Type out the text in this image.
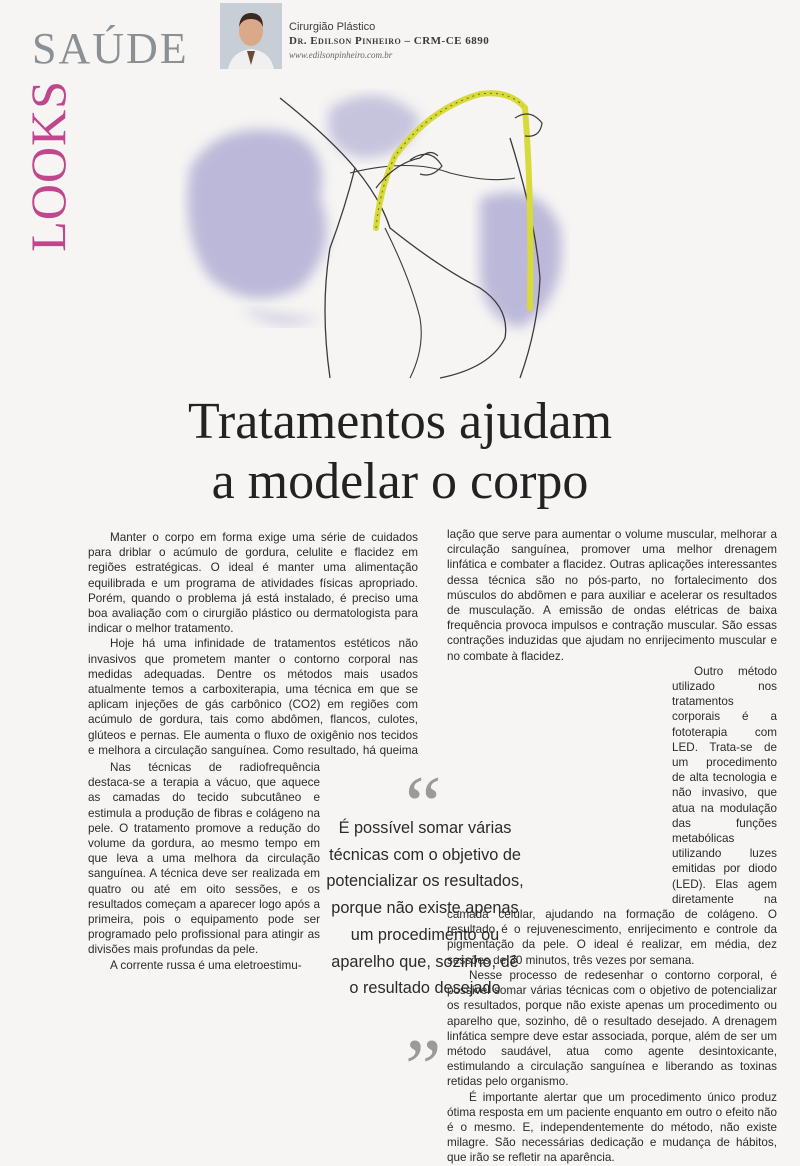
LOOKS
SAÚDE	Cirurgião Plástico
Dr. Edilson Pinheiro – CRM-CE 6890
www.edilsonpinheiro.com.br
Tratamentos ajudam
a modelar o corpo

Manter o corpo em forma exige uma série de cuidados para driblar o acúmulo de gordura, celulite e flacidez em regiões estratégicas. O ideal é manter uma alimentação equilibrada e um programa de atividades físicas apropriado. Porém, quando o problema já está instalado, é preciso uma boa avaliação com o cirurgião plástico ou dermatologista para indicar o melhor tratamento.

Hoje há uma infinidade de tratamentos estéticos não invasivos que prometem manter o contorno corporal nas medidas adequadas. Dentre os métodos mais usados atualmente temos a carboxiterapia, uma técnica em que se aplicam injeções de gás carbônico (CO2) em regiões com acúmulo de gordura, tais como abdômen, flancos, culotes, glúteos e pernas. Ele aumenta o fluxo de oxigênio nos tecidos e melhora a circulação sanguínea. Como resultado, há queima

Nas técnicas de radiofrequência destaca-se a terapia a vácuo, que aquece as camadas do tecido subcutâneo e estimula a produção de fibras e colágeno na pele. O tratamento promove a redução do volume da gordura, ao mesmo tempo em que leva a uma melhora da circulação sanguínea. A técnica deve ser realizada em quatro ou até em oito sessões, e os resultados começam a aparecer logo após a primeira, pois o equipamento pode ser programado pelo profissional para atingir as divisões mais profundas da pele.

A corrente russa é uma eletroestimu-

lação que serve para aumentar o volume muscular, melhorar a circulação sanguínea, promover uma melhor drenagem linfática e combater a flacidez. Outras aplicações interessantes dessa técnica são no pós-parto, no fortalecimento dos músculos do abdômen e para auxiliar e acelerar os resultados de musculação. A emissão de ondas elétricas de baixa frequência provoca impulsos e contração muscular. São essas contrações induzidas que ajudam no enrijecimento muscular e no combate à flacidez.

Outro método utilizado nos tratamentos corporais é a fototerapia com LED. Trata-se de um procedimento de alta tecnologia e não invasivo, que atua na modulação das funções metabólicas utilizando luzes emitidas por diodo (LED). Elas agem diretamente na camada celular, ajudando na formação de colágeno. O resultado é o rejuvenescimento, enrijecimento e controle da pigmentação da pele. O ideal é realizar, em média, dez sessões de 30 minutos, três vezes por semana.

Nesse processo de redesenhar o contorno corporal, é possível somar várias técnicas com o objetivo de potencializar os resultados, porque não existe apenas um procedimento ou aparelho que, sozinho, dê o resultado desejado. A drenagem linfática sempre deve estar associada, porque, além de ser um método saudável, atua como agente desintoxicante, estimulando a circulação sanguínea e liberando as toxinas retidas pelo organismo.

É importante alertar que um procedimento único produz ótima resposta em um paciente enquanto em outro o efeito não é o mesmo. E, independentemente do método, não existe milagre. São necessárias dedicação e mudança de hábitos, que irão se refletir na aparência.

“
É possível somar várias técnicas com o objetivo de potencializar os resultados, porque não existe apenas um procedimento ou aparelho que, sozinho, dê o resultado desejado
”
